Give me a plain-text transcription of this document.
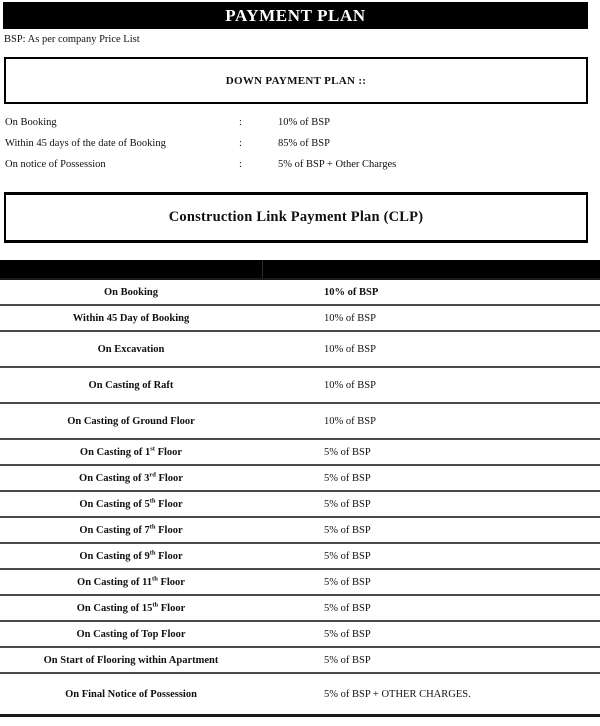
PAYMENT PLAN
BSP: As per company Price List
DOWN PAYMENT PLAN ::
On Booking	:	10% of BSP
Within 45 days of the date of Booking	:	85% of BSP
On notice of Possession	:	5% of BSP + Other Charges
Construction Link Payment Plan (CLP)

On Booking	10% of BSP
Within 45 Day of Booking	10% of BSP
On Excavation	10% of BSP
On Casting of Raft	10% of BSP
On Casting of Ground Floor	10% of BSP
On Casting of 1st Floor	5% of BSP
On Casting of 3rd Floor	5% of BSP
On Casting of 5th Floor	5% of BSP
On Casting of 7th Floor	5% of BSP
On Casting of 9th Floor	5% of BSP
On Casting of 11th Floor	5% of BSP
On Casting of 15th Floor	5% of BSP
On Casting of Top Floor	5% of BSP
On Start of Flooring within Apartment	5% of BSP
On Final Notice of Possession	5% of BSP + OTHER CHARGES.
